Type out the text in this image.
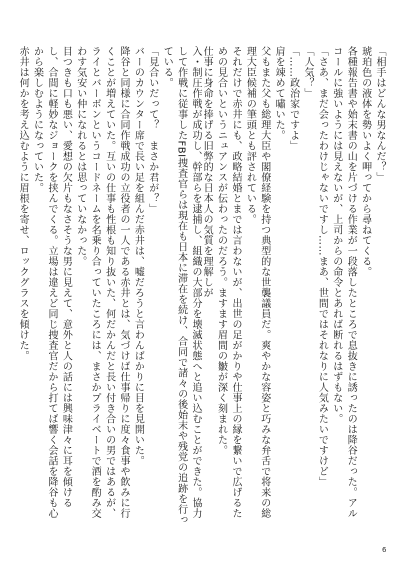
「相手はどんな男なんだ？」
琥珀色の液体を勢いよく呷ってから尋ねてくる。
各種報告書や始末書の山を片づける作業が一段落したところで息抜きに誘ったのは降谷だった。アルコールに強いようには見えないが、上司からの命令とあれば断れるはずもない。
「さあ、まだ会ったわけじゃないですし……まあ、世間ではそれなりに人気みたいですけど」
「人気？」
「……政治家ですよ」
肩を竦めて嘯いた。
父もまた父も総理大臣や閣僚経験を持つ典型的な世襲議員だ。爽やかな容姿と巧みな弁舌で将来の総理大臣候補の筆頭とも評されている。
それだけで赤井にも、政略結婚とまでは言わないが、出世の足がかりや仕事上の縁を繋いで広げるための見合いというニュアンスが伝わったのだろう。ますます眉間の皺が深く刻まれた。
仕事に身命を捧げる旧弊的な日本人の気質を理解しが
入・制圧作戦が成功し、幹部らを逮捕し、組織の大部分を壊滅状態へと追い込むことができた。協力して作戦に従事したFBI捜査官らは現在も日本に滞在を続け、合同で諸々の後始末や残党の追跡を行っている。
「見合いだって？　まさか君が？」
バーのカウンター席で長い足を組んだ赤井は、嘘だろうと言わんばかりに目を見開いた。
降谷と同様に合同作戦成功の立役者の一人である赤井とは、気づけば仕事帰りに度々食事や飲みに行くことが増えていた。互いの仕事も性根も知り抜いた、何だかんだと長い付き合いの男ではあるが、ライとバーボンというコードネームを名乗り合っていたころには、まさかプライベートで酒を酌み交わす気安い仲になれるとは思っていなかった。
目つきも口も悪い、愛想の欠片もなさそうな男に見えて、意外と人の話には興味津々に耳を傾けるし、合間に軽妙なジョークを挟んでくる。立場は違えど同じ捜査官だから打てば響く会話を降谷も心から楽しむようになっていた。
赤井は何かを考え込むように眉根を寄せ、ロックグラスを傾けた。
6
